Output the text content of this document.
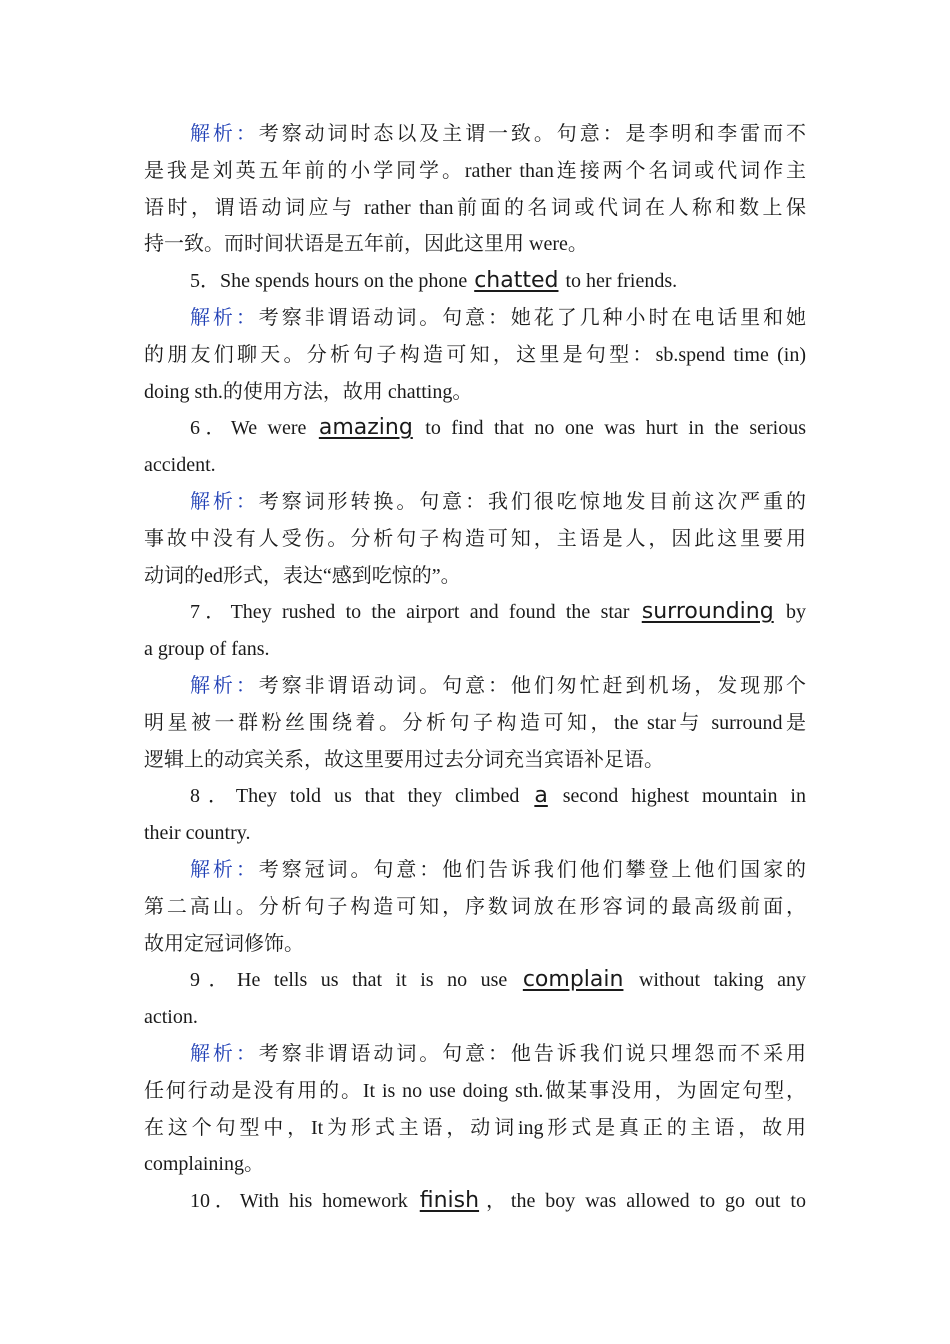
解析：考察动词时态以及主谓一致。句意：是李明和李雷而不
是我是刘英五年前的小学同学。rather than连接两个名词或代词作主
语时，谓语动词应与 rather than前面的名词或代词在人称和数上保
持一致。而时间状语是五年前，因此这里用 were。
5．She spends hours on the phone chatted to her friends.
解析：考察非谓语动词。句意：她花了几种小时在电话里和她
的朋友们聊天。分析句子构造可知，这里是句型：sb.spend time (in)
doing sth.的使用方法，故用 chatting。
6．We were amazing to find that no one was hurt in the serious
accident.
解析：考察词形转换。句意：我们很吃惊地发目前这次严重的
事故中没有人受伤。分析句子构造可知，主语是人，因此这里要用
动词的ed形式，表达“感到吃惊的”。
7．They rushed to the airport and found the star surrounding by
a group of fans.
解析：考察非谓语动词。句意：他们匆忙赶到机场，发现那个
明星被一群粉丝围绕着。分析句子构造可知，the star与 surround是
逻辑上的动宾关系，故这里要用过去分词充当宾语补足语。
8．They told us that they climbed a second highest mountain in
their country.
解析：考察冠词。句意：他们告诉我们他们攀登上他们国家的
第二高山。分析句子构造可知，序数词放在形容词的最高级前面，
故用定冠词修饰。
9．He tells us that it is no use complain without taking any
action.
解析：考察非谓语动词。句意：他告诉我们说只埋怨而不采用
任何行动是没有用的。It is no use doing sth.做某事没用，为固定句型，
在这个句型中，It为形式主语，动词ing形式是真正的主语，故用
complaining。
10．With his homework finish ，the boy was allowed to go out to
